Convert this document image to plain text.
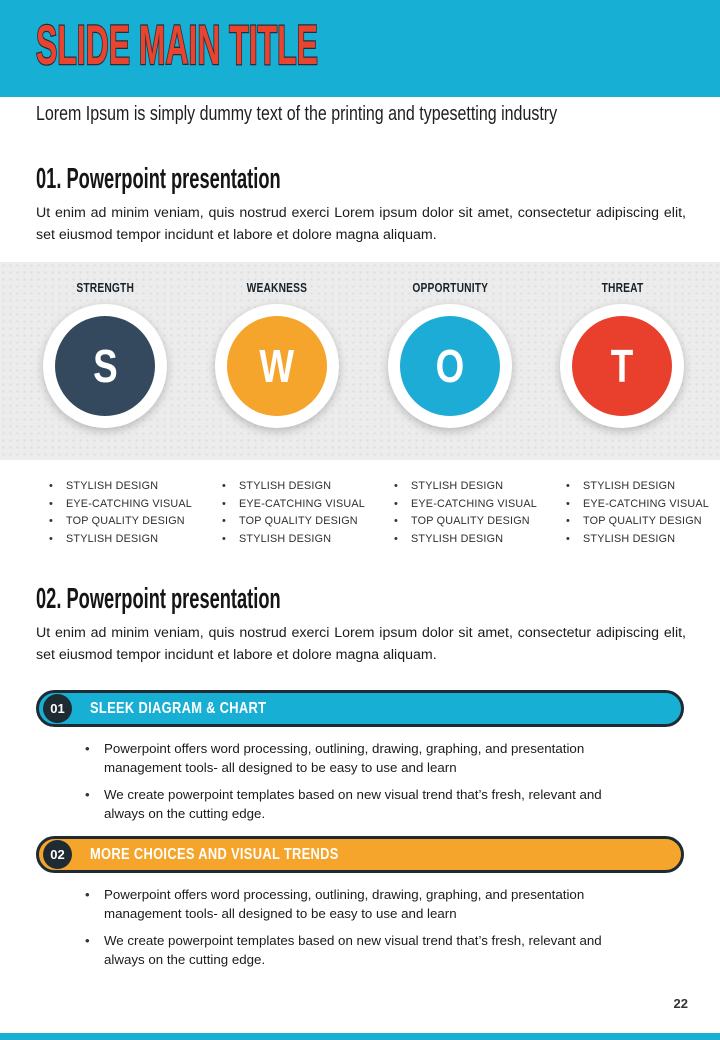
SLIDE MAIN TITLE

Lorem Ipsum is simply dummy text of the printing and typesetting industry

01. Powerpoint presentation

Ut enim ad minim veniam, quis nostrud exerci Lorem ipsum dolor sit amet, consectetur adipiscing elit, set eiusmod tempor incidunt et labore et dolore magna aliquam.

STRENGTH
S
WEAKNESS
W
OPPORTUNITY
O
THREAT
T
• STYLISH DESIGN
• EYE-CATCHING VISUAL
• TOP QUALITY DESIGN
• STYLISH DESIGN
• STYLISH DESIGN
• EYE-CATCHING VISUAL
• TOP QUALITY DESIGN
• STYLISH DESIGN
• STYLISH DESIGN
• EYE-CATCHING VISUAL
• TOP QUALITY DESIGN
• STYLISH DESIGN
• STYLISH DESIGN
• EYE-CATCHING VISUAL
• TOP QUALITY DESIGN
• STYLISH DESIGN
02. Powerpoint presentation

Ut enim ad minim veniam, quis nostrud exerci Lorem ipsum dolor sit amet, consectetur adipiscing elit, set eiusmod tempor incidunt et labore et dolore magna aliquam.

01	SLEEK DIAGRAM & CHART
• Powerpoint offers word processing, outlining, drawing, graphing, and presentation management tools- all designed to be easy to use and learn
• We create powerpoint templates based on new visual trend that’s fresh, relevant and always on the cutting edge.
02	MORE CHOICES AND VISUAL TRENDS
• Powerpoint offers word processing, outlining, drawing, graphing, and presentation management tools- all designed to be easy to use and learn
• We create powerpoint templates based on new visual trend that’s fresh, relevant and always on the cutting edge.
22
